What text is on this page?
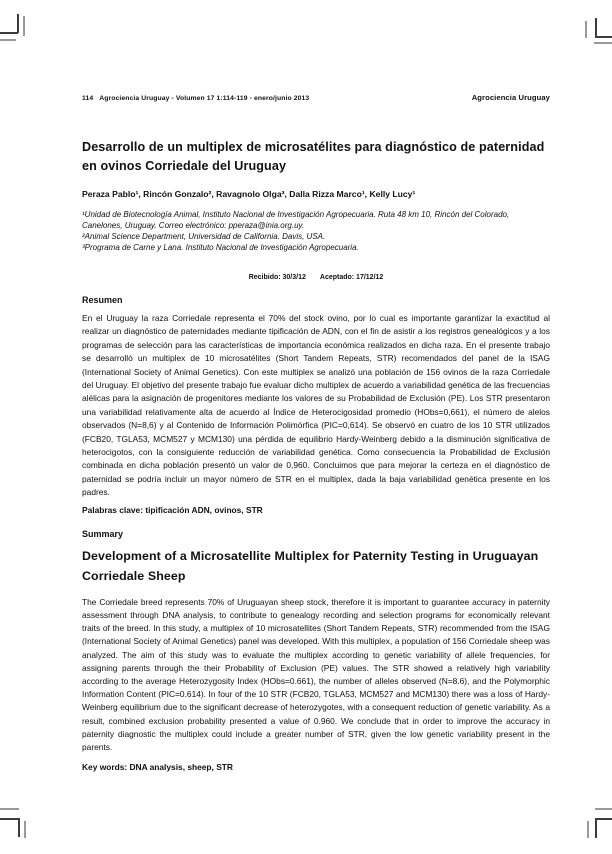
114 Agrociencia Uruguay - Volumen 17 1:114-119 - enero/junio 2013	Agrociencia Uruguay
Desarrollo de un multiplex de microsatélites para diagnóstico de paternidad en ovinos Corriedale del Uruguay
Peraza Pablo¹, Rincón Gonzalo², Ravagnolo Olga³, Dalla Rizza Marco¹, Kelly Lucy¹
¹Unidad de Biotecnología Animal, Instituto Nacional de Investigación Agropecuaria. Ruta 48 km 10, Rincón del Colorado, Canelones, Uruguay. Correo electrónico: pperaza@inia.org.uy.
²Animal Science Department, Universidad de California. Davis, USA.
³Programa de Carne y Lana. Instituto Nacional de Investigación Agropecuaria.
Recibido: 30/3/12 Aceptado: 17/12/12
Resumen
En el Uruguay la raza Corriedale representa el 70% del stock ovino, por lo cual es importante garantizar la exactitud al realizar un diagnóstico de paternidades mediante tipificación de ADN, con el fin de asistir a los registros genealógicos y a los programas de selección para las características de importancia económica realizados en dicha raza. En el presente trabajo se desarrolló un multiplex de 10 microsatélites (Short Tandem Repeats, STR) recomendados del panel de la ISAG (International Society of Animal Genetics). Con este multiplex se analizó una población de 156 ovinos de la raza Corriedale del Uruguay. El objetivo del presente trabajo fue evaluar dicho multiplex de acuerdo a variabilidad genética de las frecuencias alélicas para la asignación de progenitores mediante los valores de su Probabilidad de Exclusión (PE). Los STR presentaron una variabilidad relativamente alta de acuerdo al Índice de Heterocigosidad promedio (HObs=0,661), el número de alelos observados (N=8,6) y al Contenido de Información Polimórfica (PIC=0,614). Se observó en cuatro de los 10 STR utilizados (FCB20, TGLA53, MCM527 y MCM130) una pérdida de equilibrio Hardy-Weinberg debido a la disminución significativa de heterocigotos, con la consiguiente reducción de variabilidad genética. Como consecuencia la Probabilidad de Exclusión combinada en dicha población presentó un valor de 0,960. Concluimos que para mejorar la certeza en el diagnóstico de paternidad se podría incluir un mayor número de STR en el multiplex, dada la baja variabilidad genética presente en los padres.
Palabras clave: tipificación ADN, ovinos, STR
Summary
Development of a Microsatellite Multiplex for Paternity Testing in Uruguayan Corriedale Sheep
The Corriedale breed represents 70% of Uruguayan sheep stock, therefore it is important to guarantee accuracy in paternity assessment through DNA analysis, to contribute to genealogy recording and selection programs for economically relevant traits of the breed. In this study, a multiplex of 10 microsatellites (Short Tandem Repeats, STR) recommended from the ISAG (International Society of Animal Genetics) panel was developed. With this multiplex, a population of 156 Corriedale sheep was analyzed. The aim of this study was to evaluate the multiplex according to genetic variability of allele frequencies, for assigning parents through the their Probability of Exclusion (PE) values. The STR showed a relatively high variability according to the average Heterozygosity Index (HObs=0.661), the number of alleles observed (N=8.6), and the Polymorphic Information Content (PIC=0.614). In four of the 10 STR (FCB20, TGLA53, MCM527 and MCM130) there was a loss of Hardy-Weinberg equilibrium due to the significant decrease of heterozygotes, with a consequent reduction of genetic variability. As a result, combined exclusion probability presented a value of 0.960. We conclude that in order to improve the accuracy in paternity diagnostic the multiplex could include a greater number of STR, given the low genetic variability present in the parents.
Key words: DNA analysis, sheep, STR
